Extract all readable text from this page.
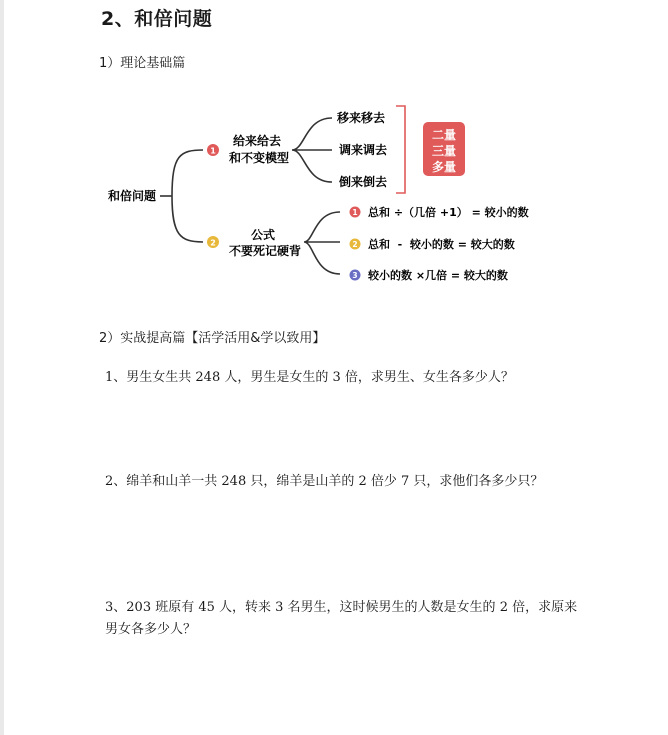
2、和倍问题
1）理论基础篇
和倍问题
1
给来给去
和不变模型
移来移去
调来调去
倒来倒去
二量
三量
多量
2
公式
不要死记硬背
1 总和 ÷（几倍 +1） = 较小的数
2 总和  -  较小的数 = 较大的数
3 较小的数 ×几倍 = 较大的数
2）实战提高篇【活学活用&学以致用】
1、男生女生共 248 人，男生是女生的 3 倍，求男生、女生各多少人？
2、绵羊和山羊一共 248 只，绵羊是山羊的 2 倍少 7 只，求他们各多少只？
3、203 班原有 45 人，转来 3 名男生，这时候男生的人数是女生的 2 倍，求原来
男女各多少人？
